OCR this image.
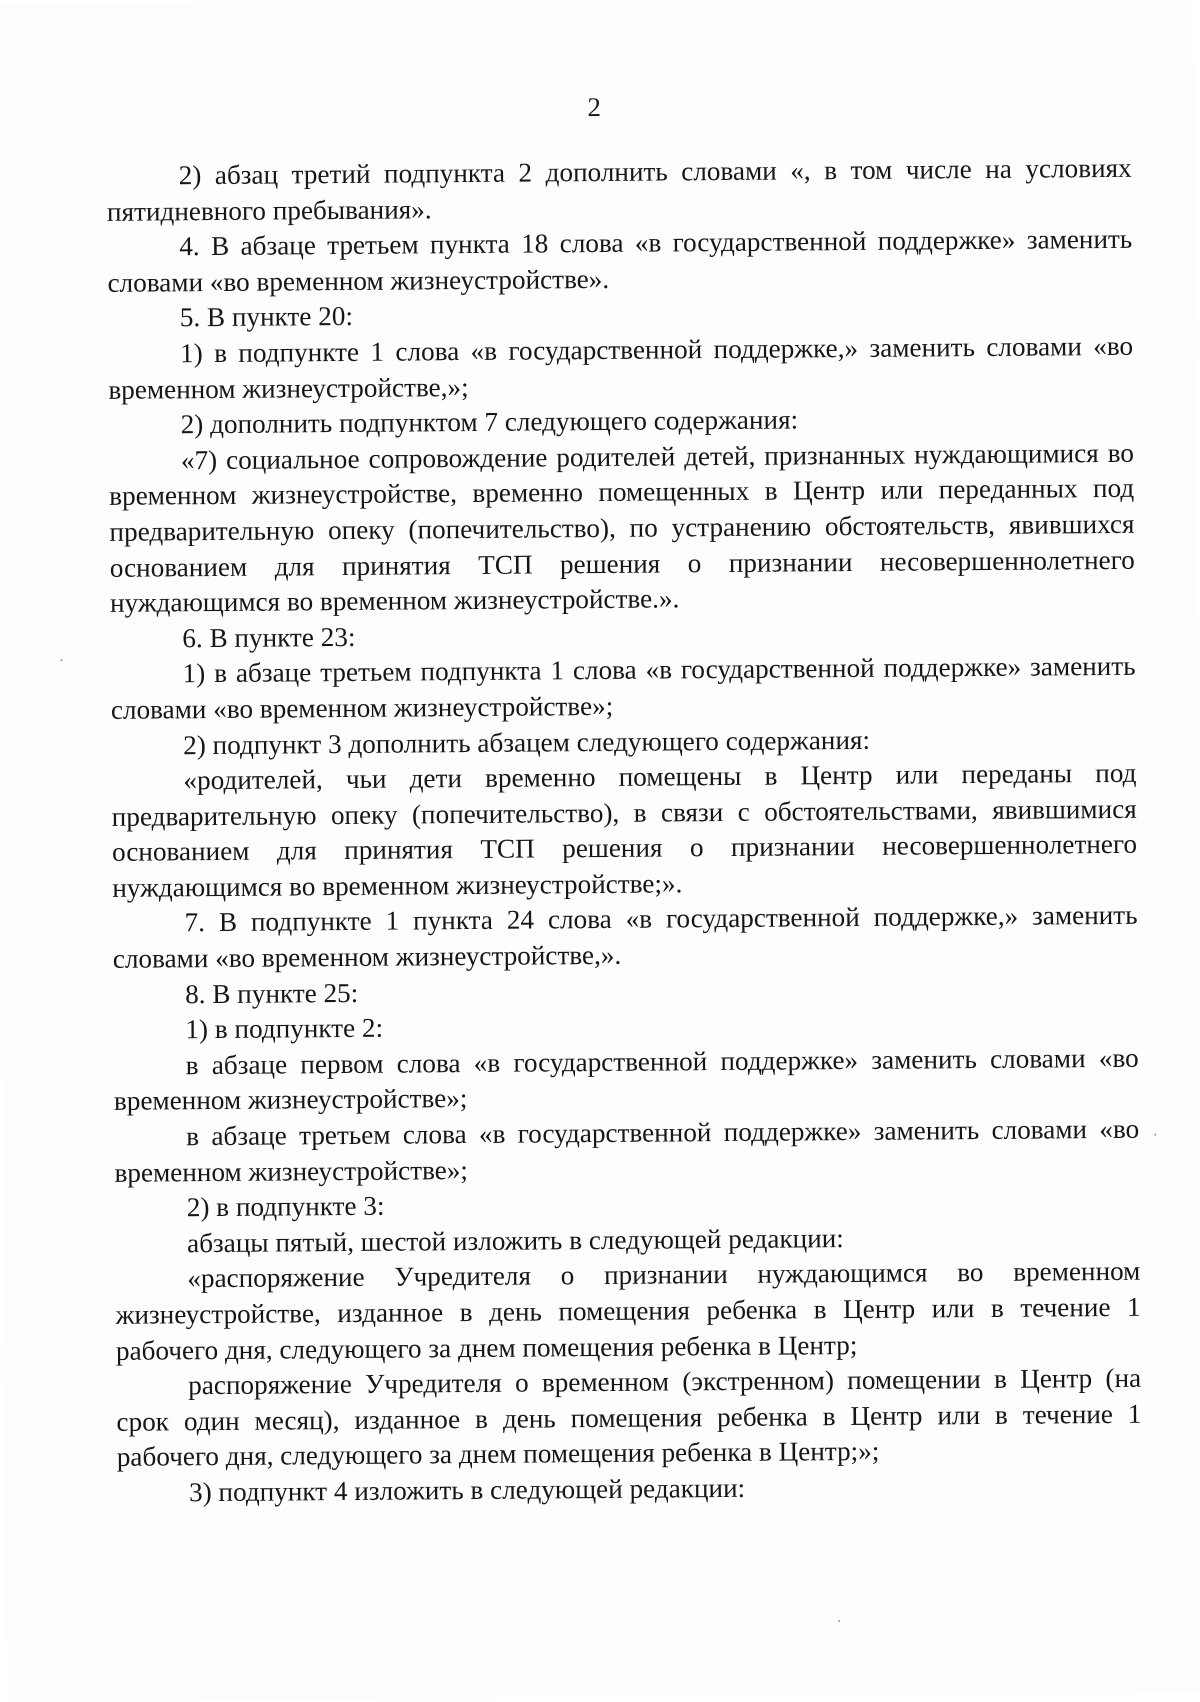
2

2) абзац третий подпункта 2 дополнить словами «, в том числе на условиях пятидневного пребывания».

4. В абзаце третьем пункта 18 слова «в государственной поддержке» заменить словами «во временном жизнеустройстве».

5. В пункте 20:

1) в подпункте 1 слова «в государственной поддержке,» заменить словами «во временном жизнеустройстве,»;

2) дополнить подпунктом 7 следующего содержания:

«7) социальное сопровождение родителей детей, признанных нуждающимися во временном жизнеустройстве, временно помещенных в Центр или переданных под предварительную опеку (попечительство), по устранению обстоятельств, явившихся основанием для принятия ТСП решения о признании несовершеннолетнего нуждающимся во временном жизнеустройстве.».

6. В пункте 23:

1) в абзаце третьем подпункта 1 слова «в государственной поддержке» заменить словами «во временном жизнеустройстве»;

2) подпункт 3 дополнить абзацем следующего содержания:

«родителей, чьи дети временно помещены в Центр или переданы под предварительную опеку (попечительство), в связи с обстоятельствами, явившимися основанием для принятия ТСП решения о признании несовершеннолетнего нуждающимся во временном жизнеустройстве;».

7. В подпункте 1 пункта 24 слова «в государственной поддержке,» заменить словами «во временном жизнеустройстве,».

8. В пункте 25:

1) в подпункте 2:

в абзаце первом слова «в государственной поддержке» заменить словами «во временном жизнеустройстве»;

в абзаце третьем слова «в государственной поддержке» заменить словами «во временном жизнеустройстве»;

2) в подпункте 3:

абзацы пятый, шестой изложить в следующей редакции:

«распоряжение Учредителя о признании нуждающимся во временном жизнеустройстве, изданное в день помещения ребенка в Центр или в течение 1 рабочего дня, следующего за днем помещения ребенка в Центр;

распоряжение Учредителя о временном (экстренном) помещении в Центр (на срок один месяц), изданное в день помещения ребенка в Центр или в течение 1 рабочего дня, следующего за днем помещения ребенка в Центр;»;

3) подпункт 4 изложить в следующей редакции:
